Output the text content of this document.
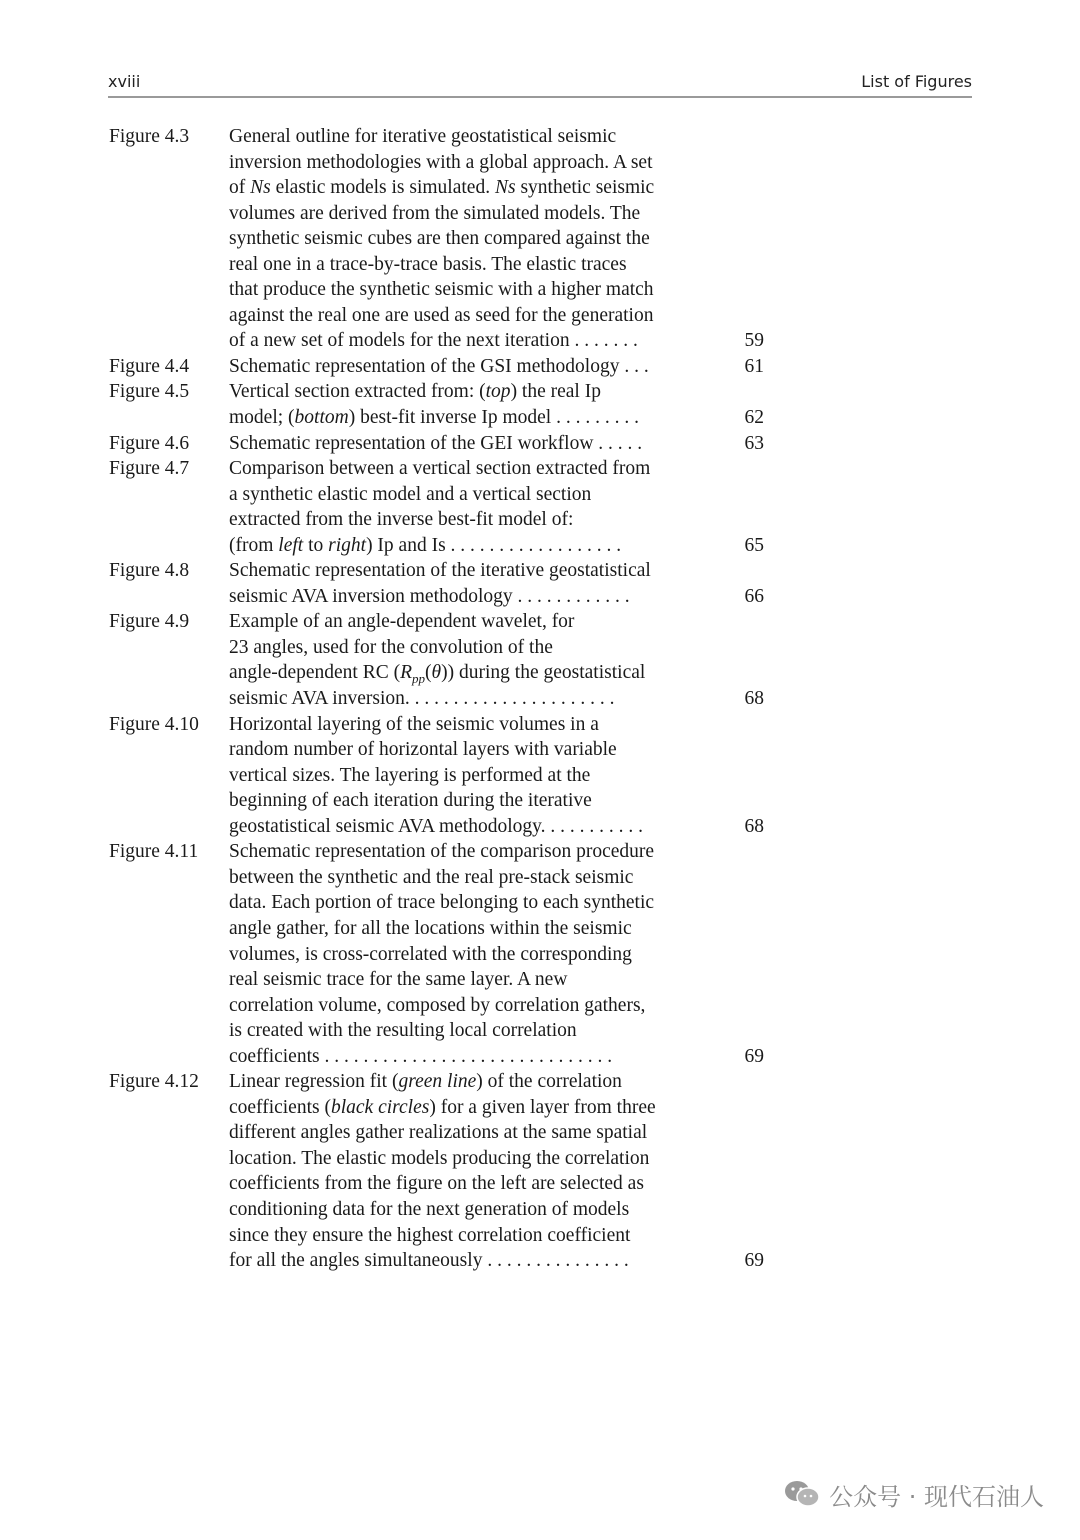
xviii	List of Figures
Figure 4.3 General outline for iterative geostatistical seismic
inversion methodologies with a global approach. A set
of Ns elastic models is simulated. Ns synthetic seismic
volumes are derived from the simulated models. The
synthetic seismic cubes are then compared against the
real one in a trace-by-trace basis. The elastic traces
that produce the synthetic seismic with a higher match
against the real one are used as seed for the generation
of a new set of models for the next iteration . . . . . . .	59
Figure 4.4 Schematic representation of the GSI methodology . . .	61
Figure 4.5 Vertical section extracted from: (top) the real Ip
model; (bottom) best-fit inverse Ip model . . . . . . . . .	62
Figure 4.6 Schematic representation of the GEI workflow . . . . .	63
Figure 4.7 Comparison between a vertical section extracted from
a synthetic elastic model and a vertical section
extracted from the inverse best-fit model of:
(from left to right) Ip and Is . . . . . . . . . . . . . . . . . .	65
Figure 4.8 Schematic representation of the iterative geostatistical
seismic AVA inversion methodology . . . . . . . . . . . .	66
Figure 4.9 Example of an angle-dependent wavelet, for
23 angles, used for the convolution of the
angle-dependent RC $(R_{pp}(\theta))$ during the geostatistical
seismic AVA inversion. . . . . . . . . . . . . . . . . . . . . .	68
Figure 4.10 Horizontal layering of the seismic volumes in a
random number of horizontal layers with variable
vertical sizes. The layering is performed at the
beginning of each iteration during the iterative
geostatistical seismic AVA methodology. . . . . . . . . . .	68
Figure 4.11 Schematic representation of the comparison procedure
between the synthetic and the real pre-stack seismic
data. Each portion of trace belonging to each synthetic
angle gather, for all the locations within the seismic
volumes, is cross-correlated with the corresponding
real seismic trace for the same layer. A new
correlation volume, composed by correlation gathers,
is created with the resulting local correlation
coefficients . . . . . . . . . . . . . . . . . . . . . . . . . . . . . .	69
Figure 4.12 Linear regression fit (green line) of the correlation
coefficients (black circles) for a given layer from three
different angles gather realizations at the same spatial
location. The elastic models producing the correlation
coefficients from the figure on the left are selected as
conditioning data for the next generation of models
since they ensure the highest correlation coefficient
for all the angles simultaneously . . . . . . . . . . . . . . .	69
公众号 · 现代石油人
